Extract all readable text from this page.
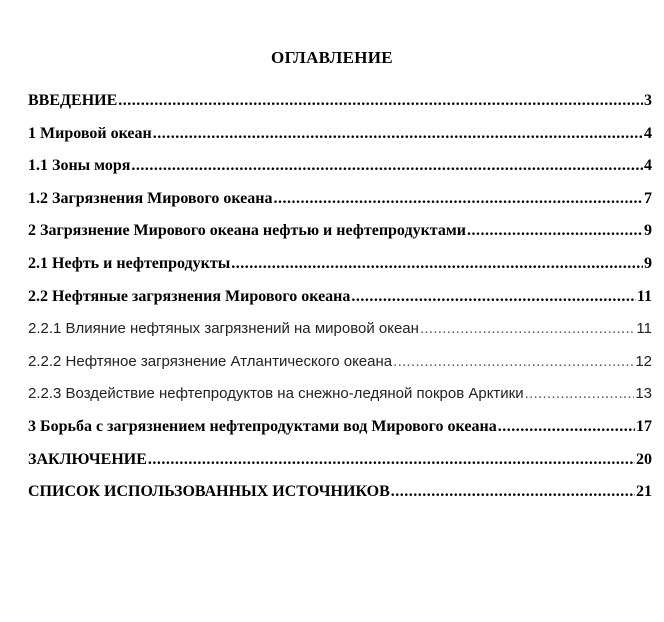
ОГЛАВЛЕНИЕ
ВВЕДЕНИЕ .....	3
1 Мировой океан .....	4
1.1 Зоны моря .....	4
1.2 Загрязнения Мирового океана .....	7
2 Загрязнение Мирового океана нефтью и нефтепродуктами .....	9
2.1 Нефть и нефтепродукты .....	9
2.2 Нефтяные загрязнения Мирового океана .....	11
2.2.1 Влияние нефтяных загрязнений на мировой океан .....	11
2.2.2 Нефтяное загрязнение Атлантического океана .....	12
2.2.3 Воздействие нефтепродуктов на снежно-ледяной покров Арктики .....	13
3 Борьба с загрязнением нефтепродуктами вод Мирового океана .....	17
ЗАКЛЮЧЕНИЕ .....	20
СПИСОК ИСПОЛЬЗОВАННЫХ ИСТОЧНИКОВ .....	21
